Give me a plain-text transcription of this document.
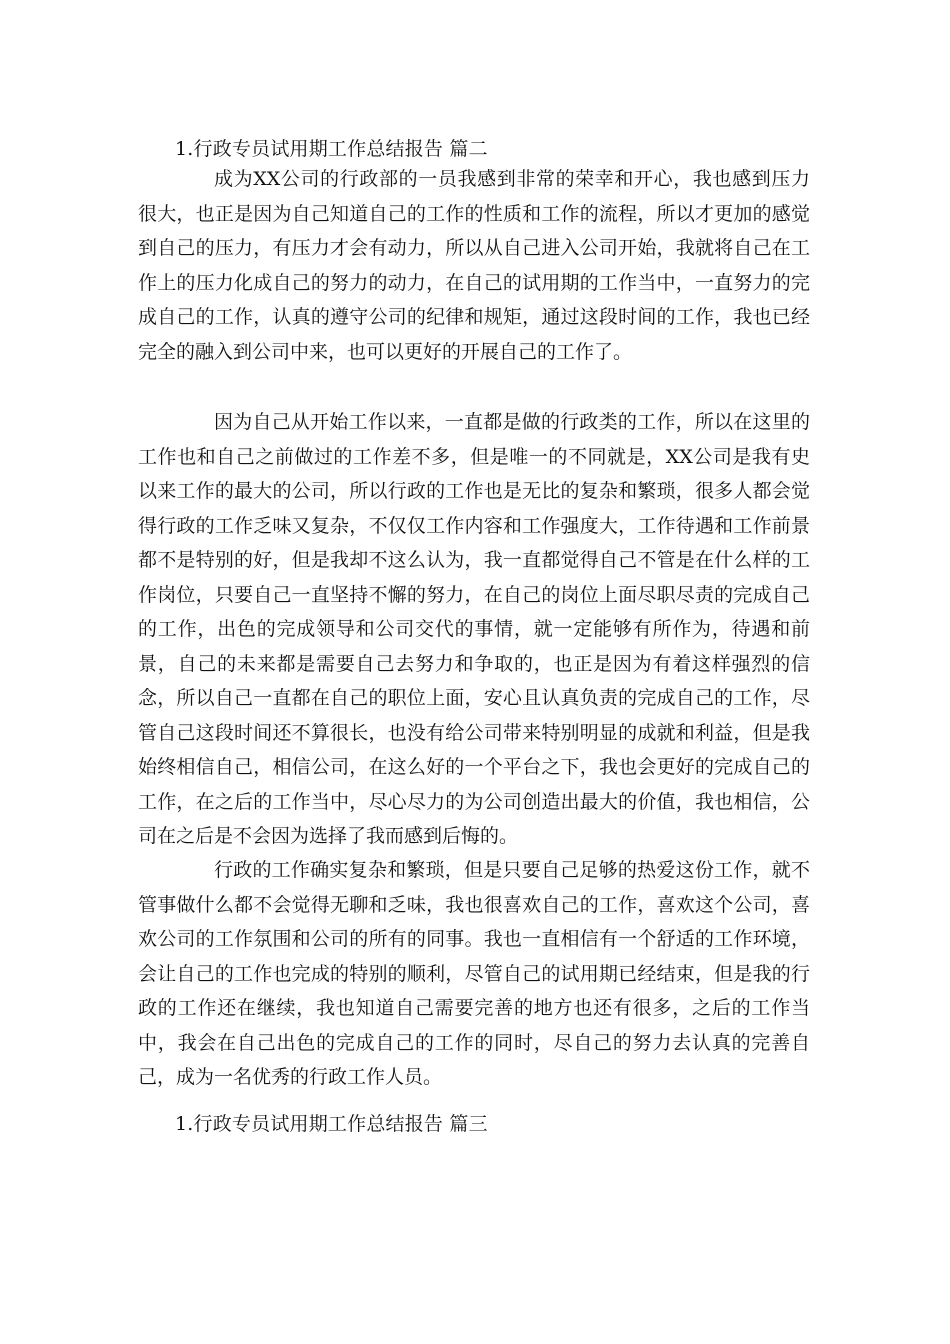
1.行政专员试用期工作总结报告 篇二

成为XX公司的行政部的一员我感到非常的荣幸和开心，我也感到压力很大，也正是因为自己知道自己的工作的性质和工作的流程，所以才更加的感觉到自己的压力，有压力才会有动力，所以从自己进入公司开始，我就将自己在工作上的压力化成自己的努力的动力，在自己的试用期的工作当中，一直努力的完成自己的工作，认真的遵守公司的纪律和规矩，通过这段时间的工作，我也已经完全的融入到公司中来，也可以更好的开展自己的工作了。

因为自己从开始工作以来，一直都是做的行政类的工作，所以在这里的工作也和自己之前做过的工作差不多，但是唯一的不同就是，XX公司是我有史以来工作的最大的公司，所以行政的工作也是无比的复杂和繁琐，很多人都会觉得行政的工作乏味又复杂，不仅仅工作内容和工作强度大，工作待遇和工作前景都不是特别的好，但是我却不这么认为，我一直都觉得自己不管是在什么样的工作岗位，只要自己一直坚持不懈的努力，在自己的岗位上面尽职尽责的完成自己的工作，出色的完成领导和公司交代的事情，就一定能够有所作为，待遇和前景，自己的未来都是需要自己去努力和争取的，也正是因为有着这样强烈的信念，所以自己一直都在自己的职位上面，安心且认真负责的完成自己的工作，尽管自己这段时间还不算很长，也没有给公司带来特别明显的成就和利益，但是我始终相信自己，相信公司，在这么好的一个平台之下，我也会更好的完成自己的工作，在之后的工作当中，尽心尽力的为公司创造出最大的价值，我也相信，公司在之后是不会因为选择了我而感到后悔的。

行政的工作确实复杂和繁琐，但是只要自己足够的热爱这份工作，就不管事做什么都不会觉得无聊和乏味，我也很喜欢自己的工作，喜欢这个公司，喜欢公司的工作氛围和公司的所有的同事。我也一直相信有一个舒适的工作环境，会让自己的工作也完成的特别的顺利，尽管自己的试用期已经结束，但是我的行政的工作还在继续，我也知道自己需要完善的地方也还有很多，之后的工作当中，我会在自己出色的完成自己的工作的同时，尽自己的努力去认真的完善自己，成为一名优秀的行政工作人员。

1.行政专员试用期工作总结报告 篇三
